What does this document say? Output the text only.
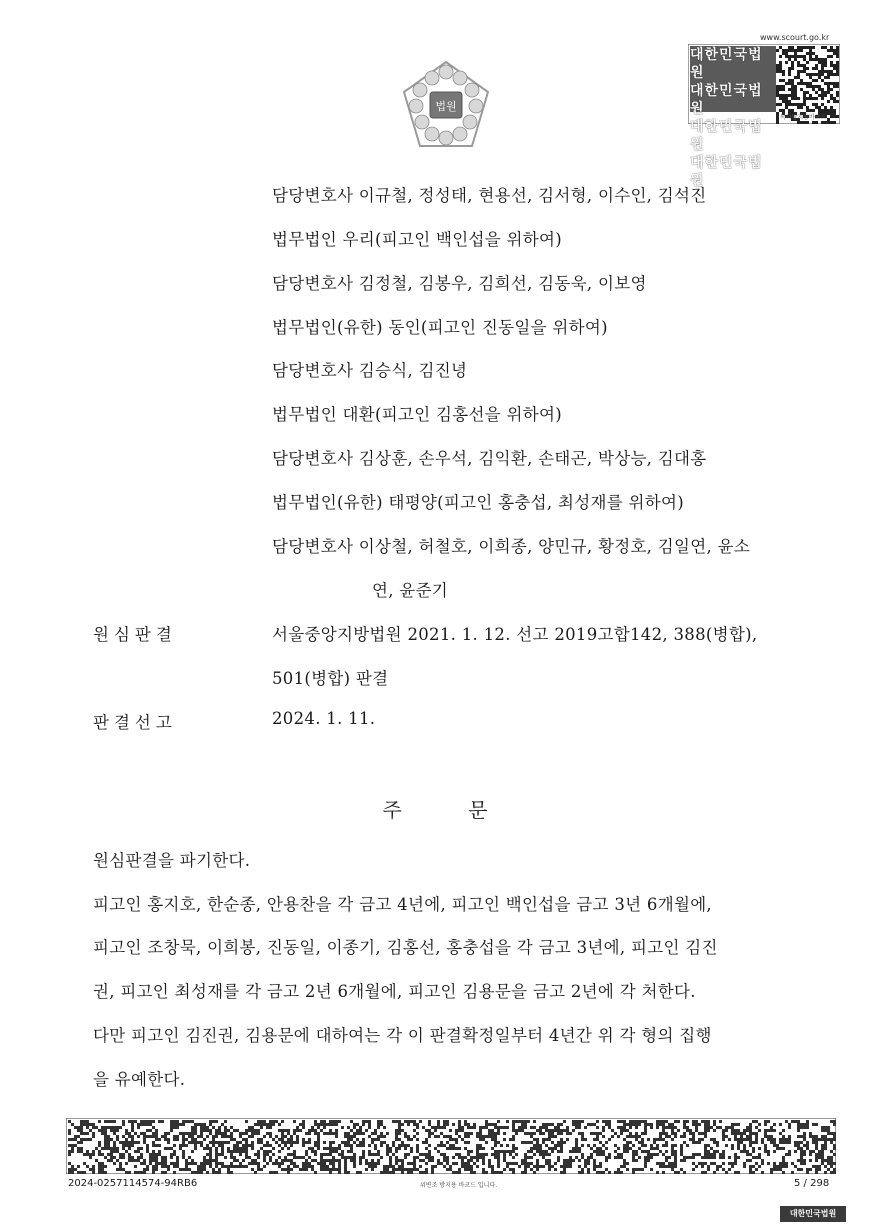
법원
www.scourt.go.kr
대한민국법원
대한민국법원
대한민국법원
대한민국법원
복사방지용바코드
담당변호사 이규철, 정성태, 현용선, 김서형, 이수인, 김석진
법무법인 우리(피고인 백인섭을 위하여)
담당변호사 김정철, 김봉우, 김희선, 김동욱, 이보영
법무법인(유한) 동인(피고인 진동일을 위하여)
담당변호사 김승식, 김진녕
법무법인 대환(피고인 김홍선을 위하여)
담당변호사 김상훈, 손우석, 김익환, 손태곤, 박상능, 김대홍
법무법인(유한) 태평양(피고인 홍충섭, 최성재를 위하여)
담당변호사 이상철, 허철호, 이희종, 양민규, 황정호, 김일연, 윤소
연, 윤준기
원심판결	서울중앙지방법원 2021. 1. 12. 선고 2019고합142, 388(병합),
501(병합) 판결
판결선고	2024. 1. 11.
주 문
원심판결을 파기한다.
피고인 홍지호, 한순종, 안용찬을 각 금고 4년에, 피고인 백인섭을 금고 3년 6개월에,
피고인 조창묵, 이희봉, 진동일, 이종기, 김홍선, 홍충섭을 각 금고 3년에, 피고인 김진
권, 피고인 최성재를 각 금고 2년 6개월에, 피고인 김용문을 금고 2년에 각 처한다.
다만 피고인 김진권, 김용문에 대하여는 각 이 판결확정일부터 4년간 위 각 형의 집행
을 유예한다.
2024-0257114574-94RB6	위변조 방지용 바코드 입니다.	5 / 298
대한민국법원
